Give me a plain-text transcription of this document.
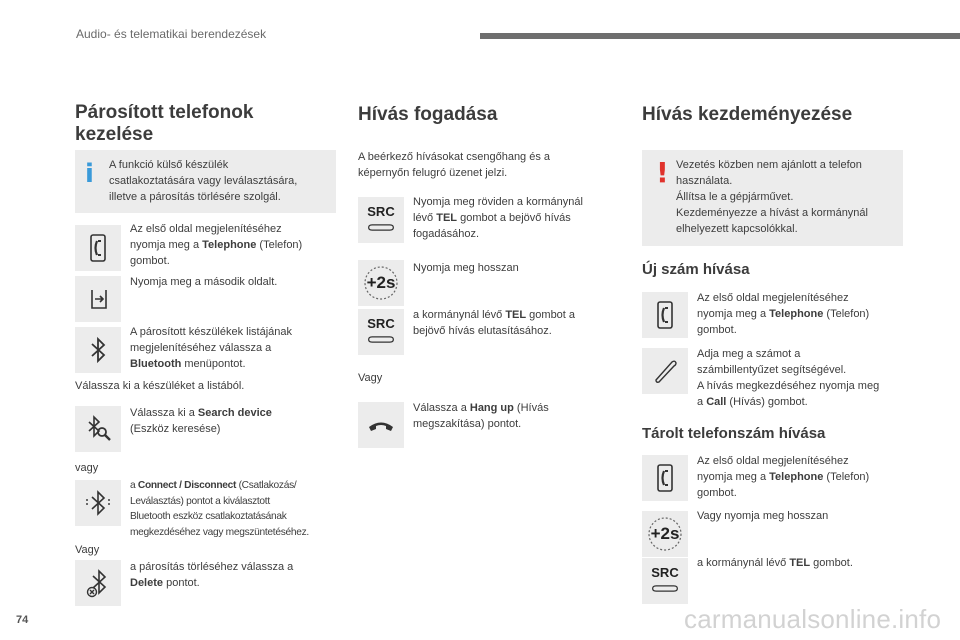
Audio- és telematikai berendezések
Párosított telefonok
kezelése
i A funkció külső készülék
csatlakoztatására vagy leválasztására,
illetve a párosítás törlésére szolgál.
Az első oldal megjelenítéséhez
nyomja meg a Telephone (Telefon)
gombot.
Nyomja meg a második oldalt.
A párosított készülékek listájának
megjelenítéséhez válassza a
Bluetooth menüpontot.
Válassza ki a készüléket a listából.
Válassza ki a Search device
(Eszköz keresése)
vagy
a Connect / Disconnect (Csatlakozás/
Leválasztás) pontot a kiválasztott
Bluetooth eszköz csatlakoztatásának
megkezdéséhez vagy megszüntetéséhez.
Vagy
a párosítás törléséhez válassza a
Delete pontot.
Hívás fogadása
A beérkező hívásokat csengőhang és a
képernyőn felugró üzenet jelzi.
SRC
Nyomja meg röviden a kormánynál
lévő TEL gombot a bejövő hívás
fogadásához.
+2s
Nyomja meg hosszan
SRC
a kormánynál lévő TEL gombot a
bejövő hívás elutasításához.
Vagy
Válassza a Hang up (Hívás
megszakítása) pontot.
Hívás kezdeményezése
! Vezetés közben nem ajánlott a telefon
használata.
Állítsa le a gépjárművet.
Kezdeményezze a hívást a kormánynál
elhelyezett kapcsolókkal.
Új szám hívása
Az első oldal megjelenítéséhez
nyomja meg a Telephone (Telefon)
gombot.
Adja meg a számot a
számbillentyűzet segítségével.
A hívás megkezdéséhez nyomja meg
a Call (Hívás) gombot.
Tárolt telefonszám hívása
Az első oldal megjelenítéséhez
nyomja meg a Telephone (Telefon)
gombot.
+2s
Vagy nyomja meg hosszan
SRC
a kormánynál lévő TEL gombot.
74	carmanualsonline.info
